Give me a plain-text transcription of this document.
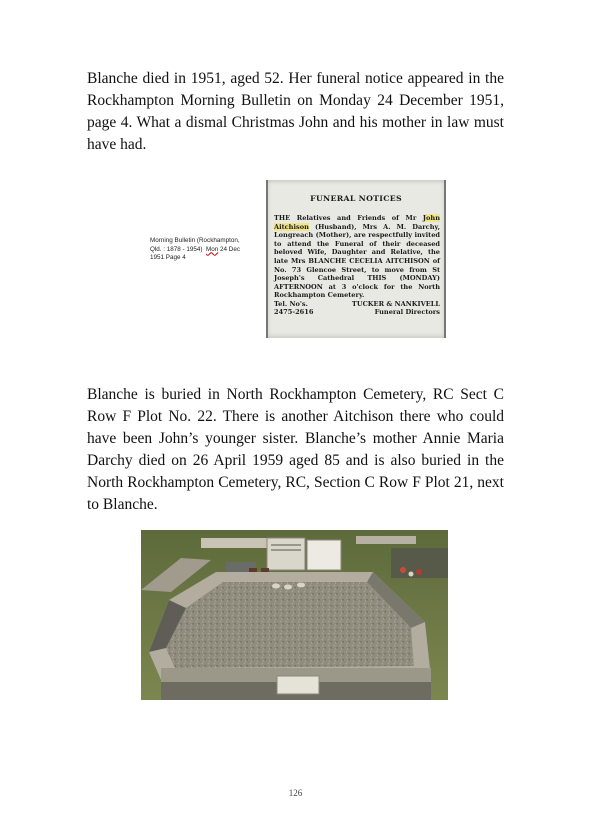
Blanche died in 1951, aged 52. Her funeral notice appeared in the Rockhampton Morning Bulletin on Monday 24 December 1951, page 4. What a dismal Christmas John and his mother in law must have had.

Morning Bulletin (Rockhampton,
Qld. : 1878 - 1954) Mon 24 Dec
1951 Page 4
FUNERAL NOTICES
THE Relatives and Friends of Mr John Aitchison (Husband), Mrs A. M. Darchy, Longreach (Mother), are respectfully invited to attend the Funeral of their deceased beloved Wife, Daughter and Relative, the late Mrs BLANCHE CECELIA AITCHISON of No. 73 Glencoe Street, to move from St Joseph's Cathedral THIS (MONDAY) AFTERNOON at 3 o'clock for the North Rockhampton Cemetery.
Tel. No's.
2475-2616
TUCKER & NANKIVELL
Funeral Directors

Blanche is buried in North Rockhampton Cemetery, RC Sect C Row F Plot No. 22. There is another Aitchison there who could have been John’s younger sister. Blanche’s mother Annie Maria Darchy died on 26 April 1959 aged 85 and is also buried in the North Rockhampton Cemetery, RC, Section C Row F Plot 21, next to Blanche.

126
